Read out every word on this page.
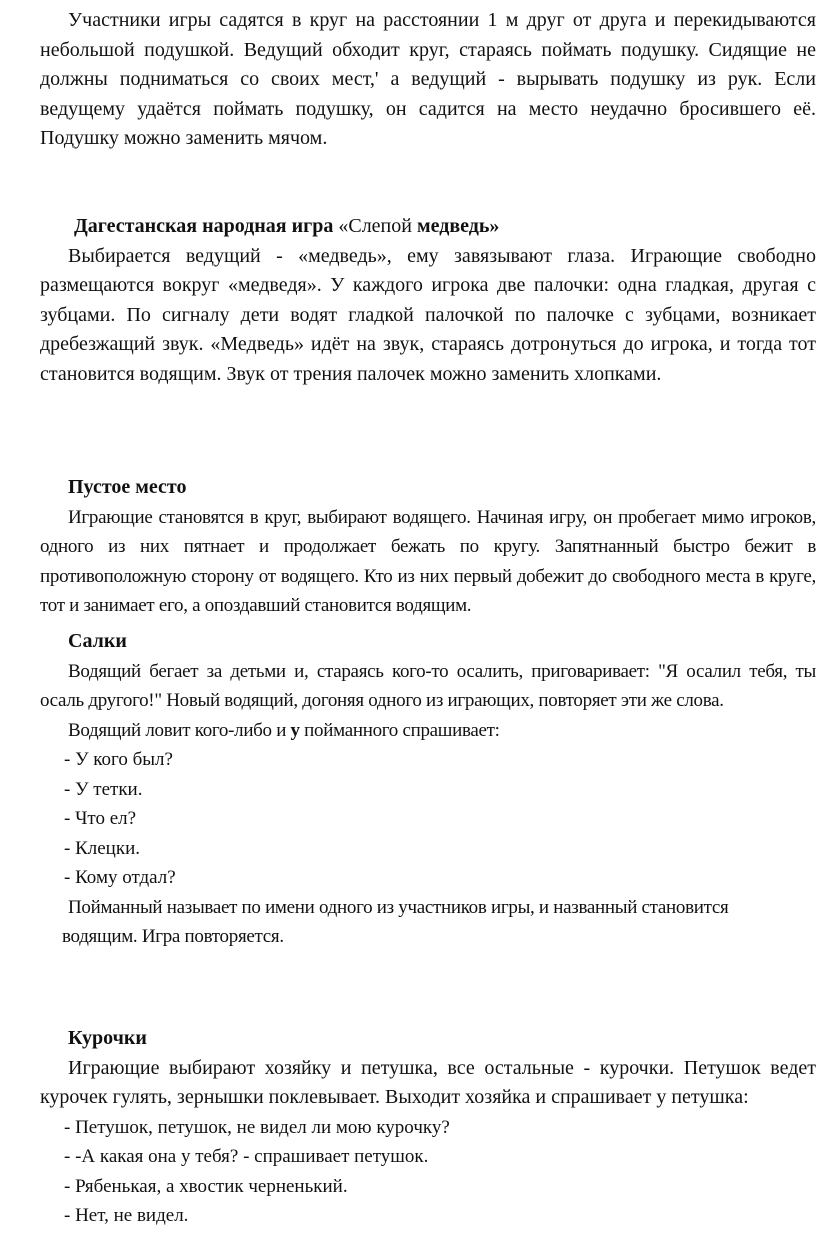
Участники игры садятся в круг на расстоянии 1 м друг от друга и перекидываются небольшой подушкой. Ведущий обходит круг, стараясь поймать подушку. Сидящие не должны подниматься со своих мест,' а ведущий - вырывать подушку из рук. Если ведущему удаётся поймать подушку, он садится на место неудачно бросившего её. Подушку можно заменить мячом.

Дагестанская народная игра «Слепой медведь»

Выбирается ведущий - «медведь», ему завязывают глаза. Играющие свободно размещаются вокруг «медведя». У каждого игрока две палочки: одна гладкая, другая с зубцами. По сигналу дети водят гладкой палочкой по палочке с зубцами, возникает дребезжащий звук. «Медведь» идёт на звук, стараясь дотронуться до игрока, и тогда тот становится водящим. Звук от трения палочек можно заменить хлопками.

Пустое место

Играющие становятся в круг, выбирают водящего. Начиная игру, он пробегает мимо игроков, одного из них пятнает и продолжает бежать по кругу. Запятнанный быстро бежит в противоположную сторону от водящего. Кто из них первый добежит до свободного места в круге, тот и занимает его, а опоздавший становится водящим.

Салки

Водящий бегает за детьми и, стараясь кого-то осалить, приговаривает: "Я осалил тебя, ты осаль другого!" Новый водящий, догоняя одного из играющих, повторяет эти же слова.

Водящий ловит кого-либо и у пойманного спрашивает:

- У кого был?

- У тетки.

- Что ел?

- Клецки.

- Кому отдал?

Пойманный называет по имени одного из участников игры, и названный становится

водящим. Игра повторяется.

Курочки

Играющие выбирают хозяйку и петушка, все остальные - курочки. Петушок ведет курочек гулять, зернышки поклевывает. Выходит хозяйка и спрашивает у петушка:

- Петушок, петушок, не видел ли мою курочку?

- -А какая она у тебя? - спрашивает петушок.

- Рябенькая, а хвостик черненький.

- Нет, не видел.
